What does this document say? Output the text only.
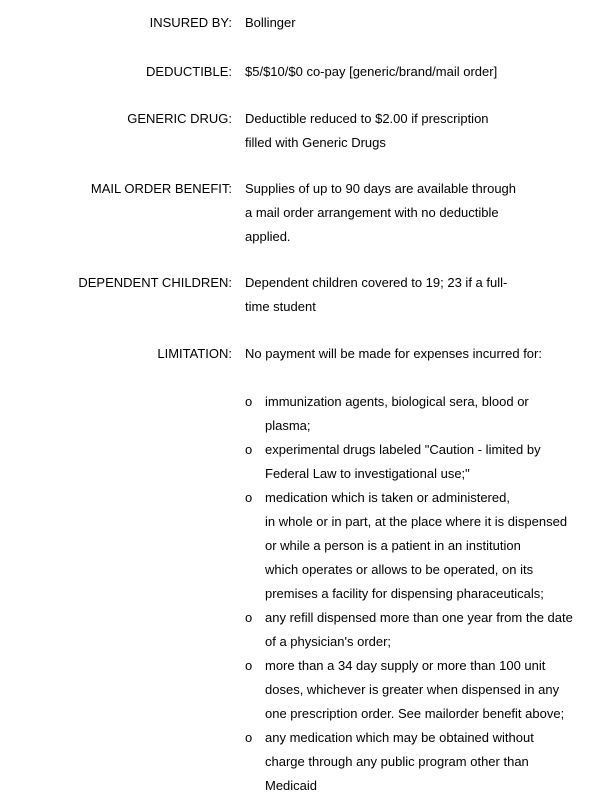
INSURED BY: Bollinger
DEDUCTIBLE: $5/$10/$0 co-pay [generic/brand/mail order]
GENERIC DRUG: Deductible reduced to $2.00 if prescription
filled with Generic Drugs
MAIL ORDER BENEFIT: Supplies of up to 90 days are available through
a mail order arrangement with no deductible
applied.
DEPENDENT CHILDREN: Dependent children covered to 19; 23 if a full-
time student
LIMITATION: No payment will be made for expenses incurred for:
o immunization agents, biological sera, blood or
plasma;
o experimental drugs labeled "Caution - limited by
Federal Law to investigational use;"
o medication which is taken or administered,
in whole or in part, at the place where it is dispensed
or while a person is a patient in an institution
which operates or allows to be operated, on its
premises a facility for dispensing pharaceuticals;
o any refill dispensed more than one year from the date
of a physician's order;
o more than a 34 day supply or more than 100 unit
doses, whichever is greater when dispensed in any
one prescription order. See mailorder benefit above;
o any medication which may be obtained without
charge through any public program other than
Medicaid
